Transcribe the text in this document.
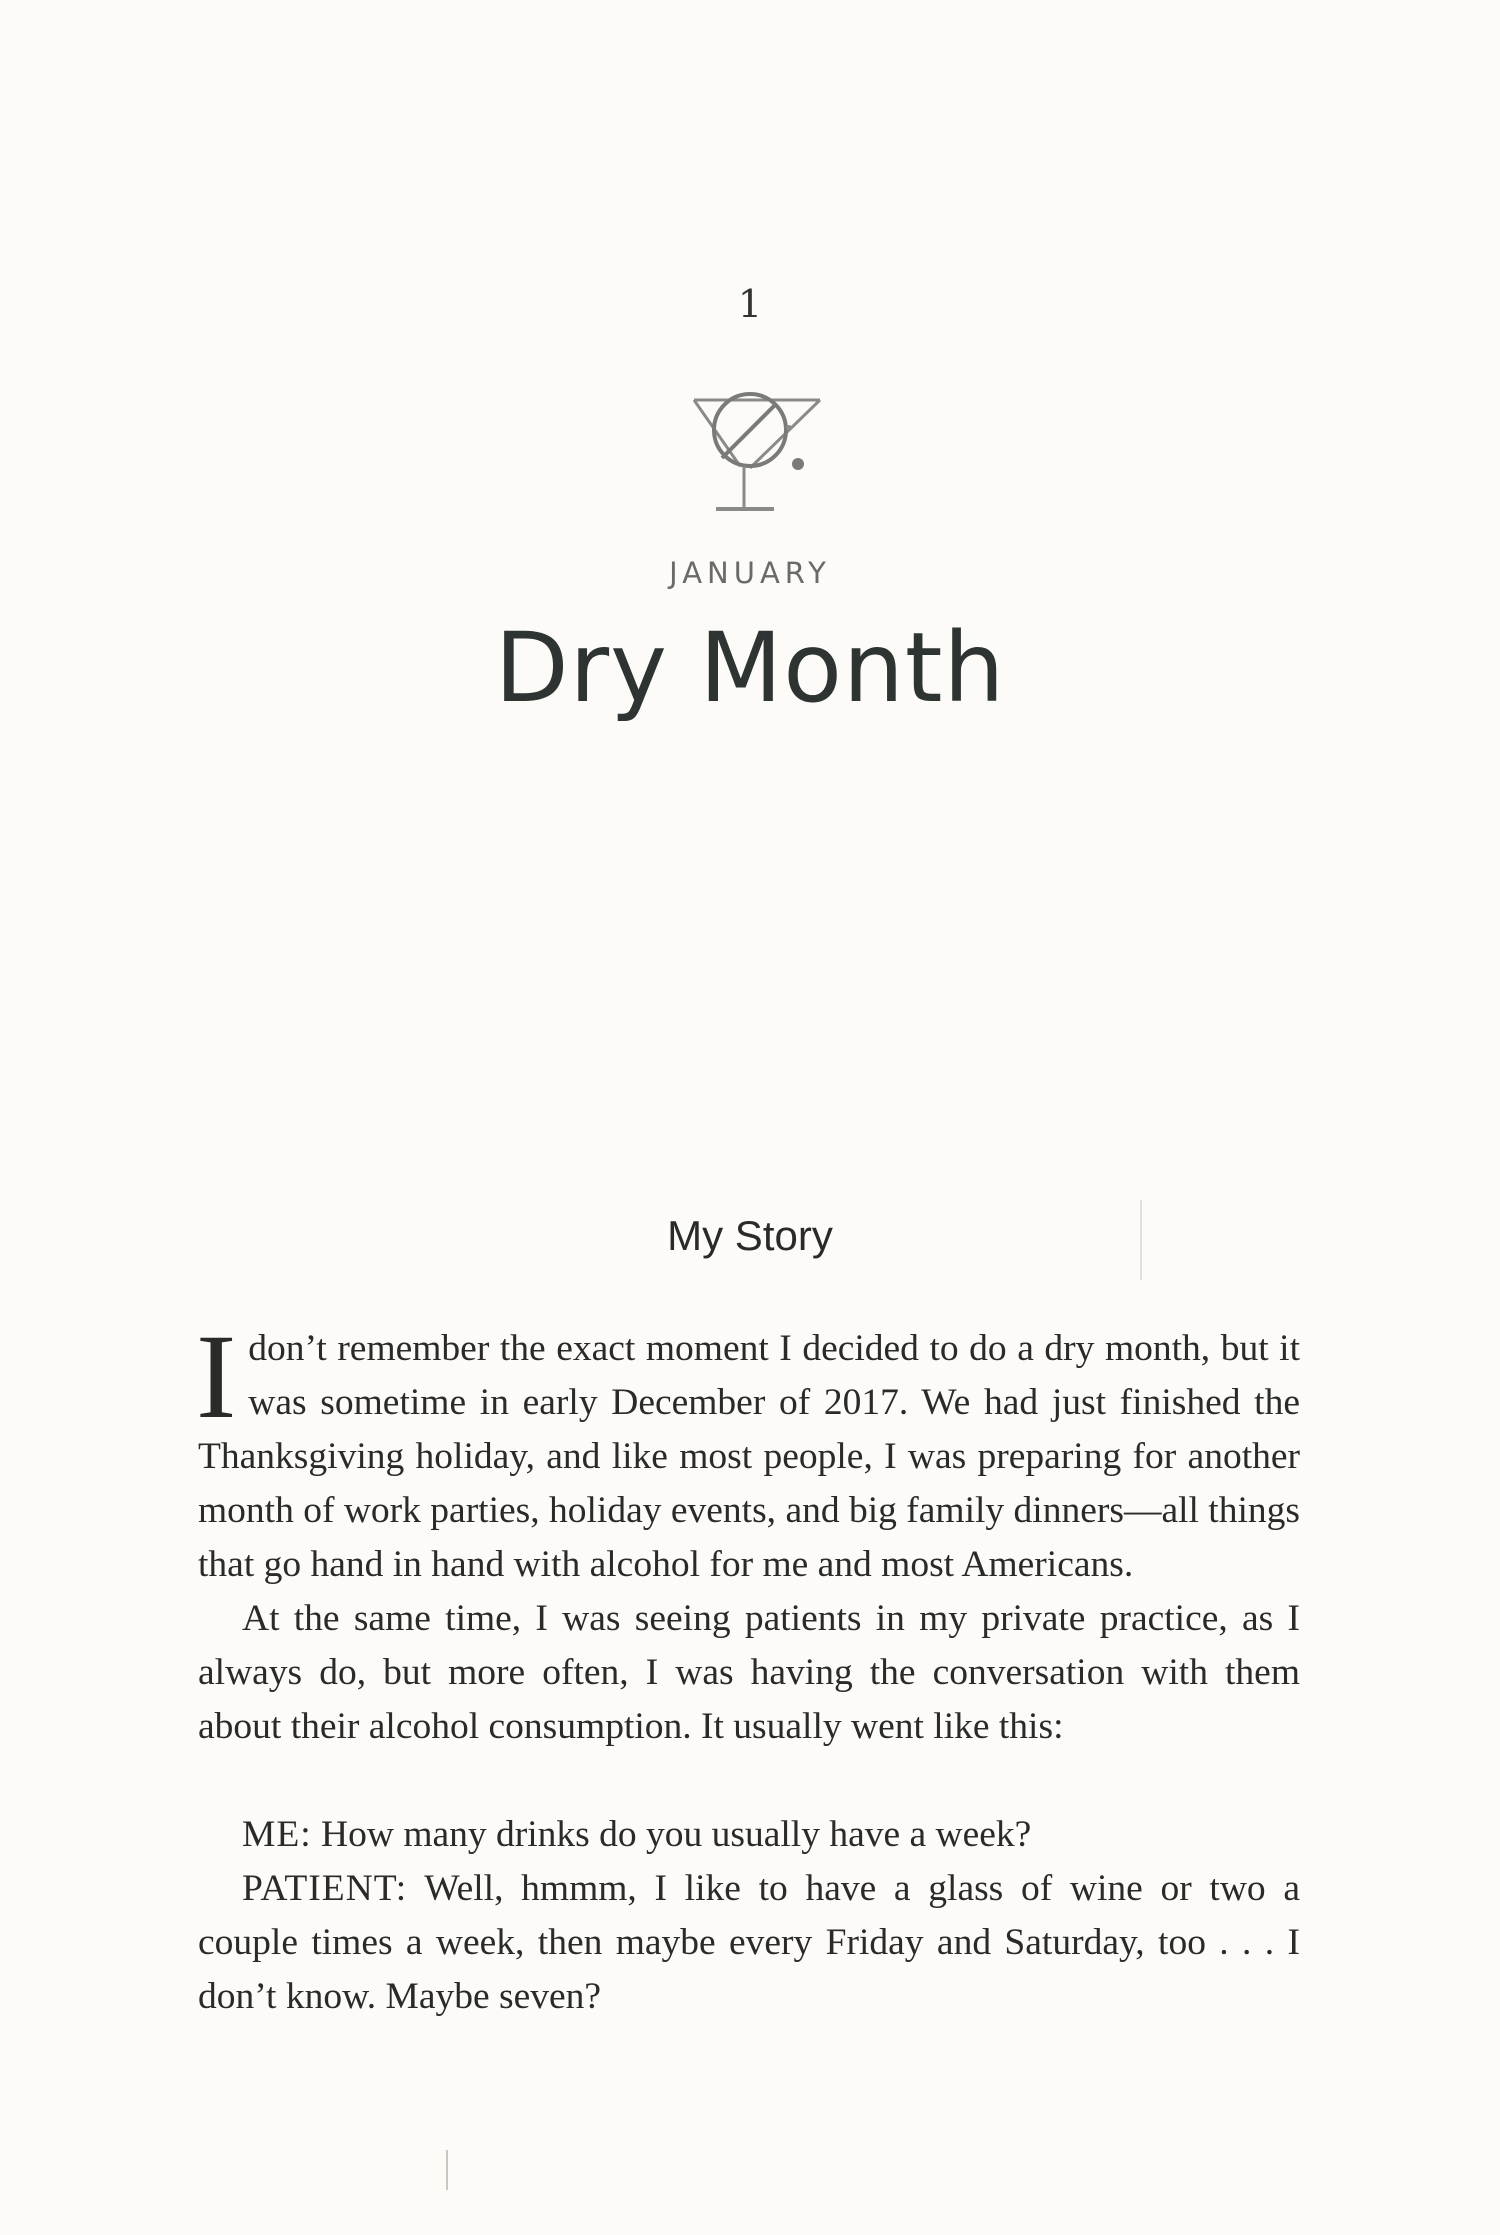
1
JANUARY
Dry Month
My Story

Idon’t remember the exact moment I decided to do a dry month, but it was sometime in early December of 2017. We had just finished the Thanksgiving holiday, and like most people, I was preparing for another month of work parties, holiday events, and big family dinners—all things that go hand in hand with alcohol for me and most Americans.

At the same time, I was seeing patients in my private practice, as I always do, but more often, I was having the conversation with them about their alcohol consumption. It usually went like this:

ME: How many drinks do you usually have a week?

PATIENT: Well, hmmm, I like to have a glass of wine or two a couple times a week, then maybe every Friday and Saturday, too . . . I don’t know. Maybe seven?
